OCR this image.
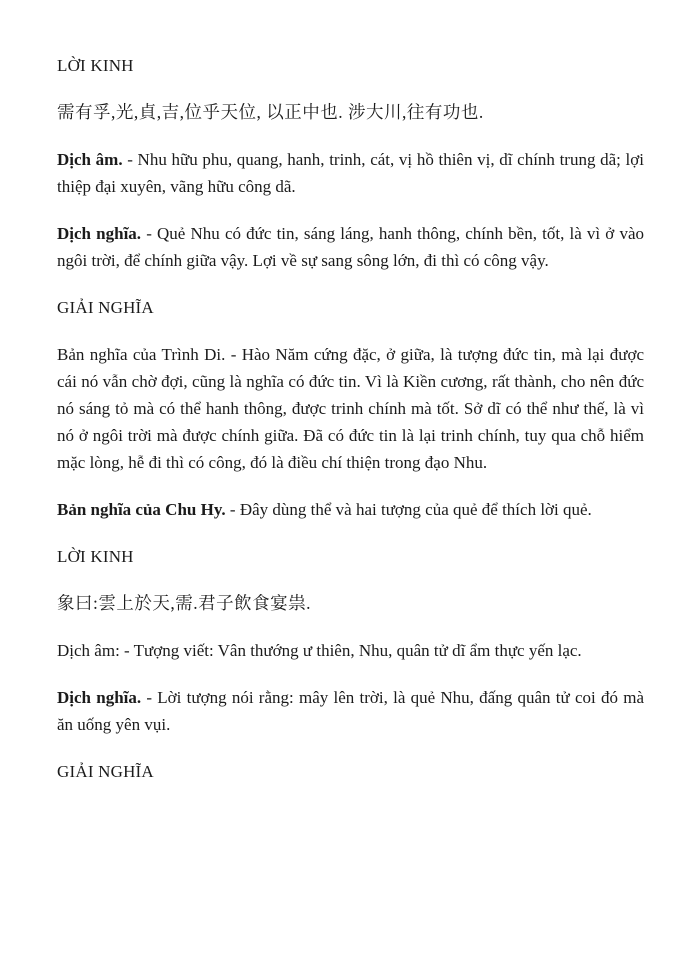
LỜI KINH
需有孚,光,貞,吉,位乎天位, 以正中也. 涉大川,往有功也.
Dịch âm. - Nhu hữu phu, quang, hanh, trinh, cát, vị hồ thiên vị, dĩ chính trung dã; lợi thiệp đại xuyên, vãng hữu công dã.
Dịch nghĩa. - Quẻ Nhu có đức tin, sáng láng, hanh thông, chính bền, tốt, là vì ở vào ngôi trời, để chính giữa vậy. Lợi về sự sang sông lớn, đi thì có công vậy.
GIẢI NGHĨA
Bản nghĩa của Trình Di. - Hào Năm cứng đặc, ở giữa, là tượng đức tin, mà lại được cái nó vẫn chờ đợi, cũng là nghĩa có đức tin. Vì là Kiền cương, rất thành, cho nên đức nó sáng tỏ mà có thể hanh thông, được trinh chính mà tốt. Sở dĩ có thể như thế, là vì nó ở ngôi trời mà được chính giữa. Đã có đức tin là lại trinh chính, tuy qua chỗ hiểm mặc lòng, hễ đi thì có công, đó là điều chí thiện trong đạo Nhu.
Bản nghĩa của Chu Hy. - Đây dùng thể và hai tượng của quẻ để thích lời quẻ.
LỜI KINH
象曰:雲上於天,需.君子飲食宴祟.
Dịch âm: - Tượng viết: Vân thướng ư thiên, Nhu, quân tử dĩ ẩm thực yến lạc.
Dịch nghĩa. - Lời tượng nói rằng: mây lên trời, là quẻ Nhu, đấng quân tử coi đó mà ăn uống yên vụi.
GIẢI NGHĨA
